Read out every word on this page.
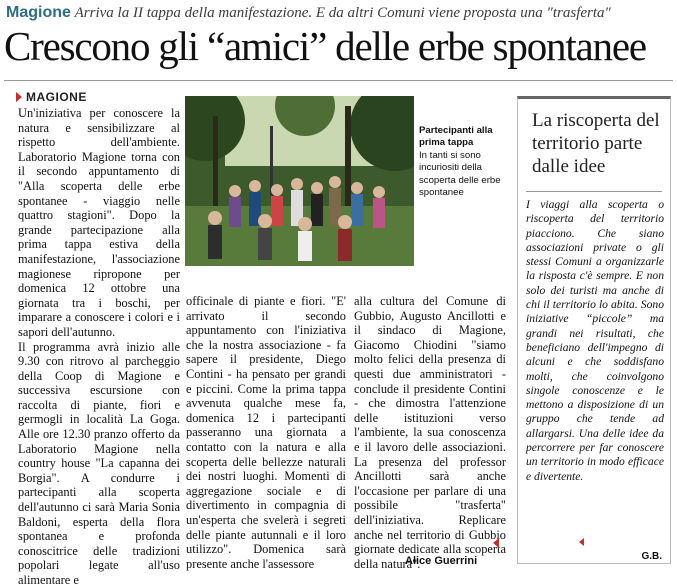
Magione Arriva la II tappa della manifestazione. E da altri Comuni viene proposta una "trasferta"
Crescono gli “amici” delle erbe spontanee
MAGIONE

Un'iniziativa per conoscere la natura e sensibilizzare al rispetto dell'ambiente. Laboratorio Magione torna con il secondo appuntamento di "Alla scoperta delle erbe spontanee - viaggio nelle quattro stagioni". Dopo la grande partecipazione alla prima tappa estiva della manifestazione, l'associazione magionese ripropone per domenica 12 ottobre una giornata tra i boschi, per imparare a conoscere i colori e i sapori dell'autunno.

Il programma avrà inizio alle 9.30 con ritrovo al parcheggio della Coop di Magione e successiva escursione con raccolta di piante, fiori e germogli in località La Goga. Alle ore 12.30 pranzo offerto da Laboratorio Magione nella country house "La capanna dei Borgia". A condurre i partecipanti alla scoperta dell'autunno ci sarà Maria Sonia Baldoni, esperta della flora spontanea e profonda conoscitrice delle tradizioni popolari legate all'uso alimentare e

Partecipanti alla prima tappa
In tanti si sono incuriositi della scoperta delle erbe spontanee

officinale di piante e fiori. "E' arrivato il secondo appuntamento con l'iniziativa che la nostra associazione - fa sapere il presidente, Diego Contini - ha pensato per grandi e piccini. Come la prima tappa avvenuta qualche mese fa, domenica 12 i partecipanti passeranno una giornata a contatto con la natura e alla scoperta delle bellezze naturali dei nostri luoghi. Momenti di aggregazione sociale e di divertimento in compagnia di un'esperta che svelerà i segreti delle piante autunnali e il loro utilizzo". Domenica sarà presente anche l'assessore

alla cultura del Comune di Gubbio, Augusto Ancillotti e il sindaco di Magione, Giacomo Chiodini "siamo molto felici della presenza di questi due amministratori - conclude il presidente Contini - che dimostra l'attenzione delle istituzioni verso l'ambiente, la sua conoscenza e il lavoro delle associazioni. La presenza del professor Ancillotti sarà anche l'occasione per parlare di una possibile "trasferta" dell'iniziativa. Replicare anche nel territorio di Gubbio giornate dedicate alla scoperta della natura".

Alice Guerrini
La riscoperta del territorio parte dalle idee
I viaggi alla scoperta o riscoperta del territorio piacciono. Che siano associazioni private o gli stessi Comuni a organizzarle la risposta c'è sempre. E non solo dei turisti ma anche di chi il territorio lo abita. Sono iniziative “piccole” ma grandi nei risultati, che beneficiano dell'impegno di alcuni e che soddisfano molti, che coinvolgono singole conoscenze e le mettono a disposizione di un gruppo che tende ad allargarsi. Una delle idee da percorrere per far conoscere un territorio in modo efficace e divertente.
G.B.
